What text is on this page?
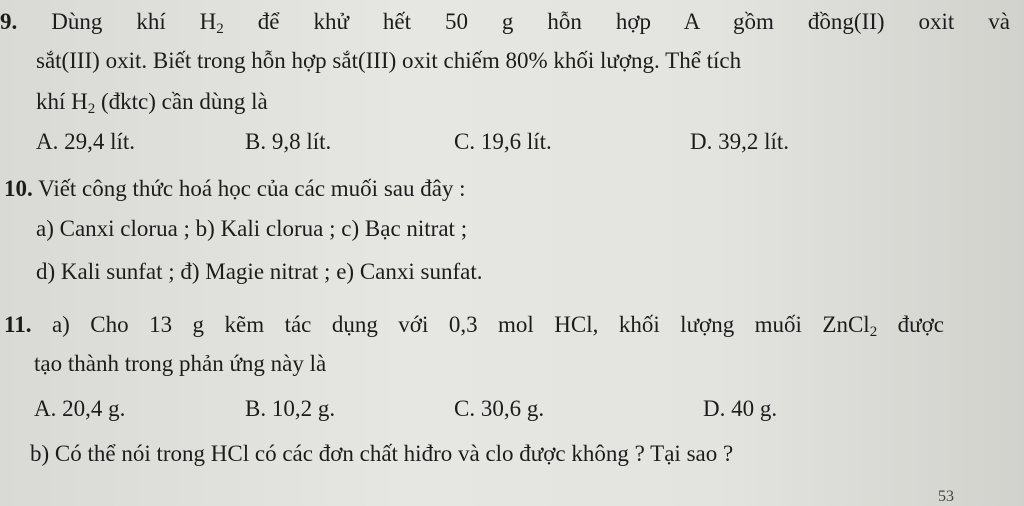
9. Dùng khí $H_2$ để khử hết 50 g hỗn hợp A gồm đồng(II) oxit và
sắt(III) oxit. Biết trong hỗn hợp sắt(III) oxit chiếm 80% khối lượng. Thể tích
khí $H_2$ (đktc) cần dùng là
A. 29,4 lít.	B. 9,8 lít.	C. 19,6 lít.	D. 39,2 lít.
10. Viết công thức hoá học của các muối sau đây :
a) Canxi clorua ; b) Kali clorua ; c) Bạc nitrat ;
d) Kali sunfat ; đ) Magie nitrat ; e) Canxi sunfat.
11. a) Cho 13 g kẽm tác dụng với 0,3 mol HCl, khối lượng muối ZnCl$_2$ được
tạo thành trong phản ứng này là
A. 20,4 g.	B. 10,2 g.	C. 30,6 g.	D. 40 g.
b) Có thể nói trong HCl có các đơn chất hiđro và clo được không ? Tại sao ?
53
